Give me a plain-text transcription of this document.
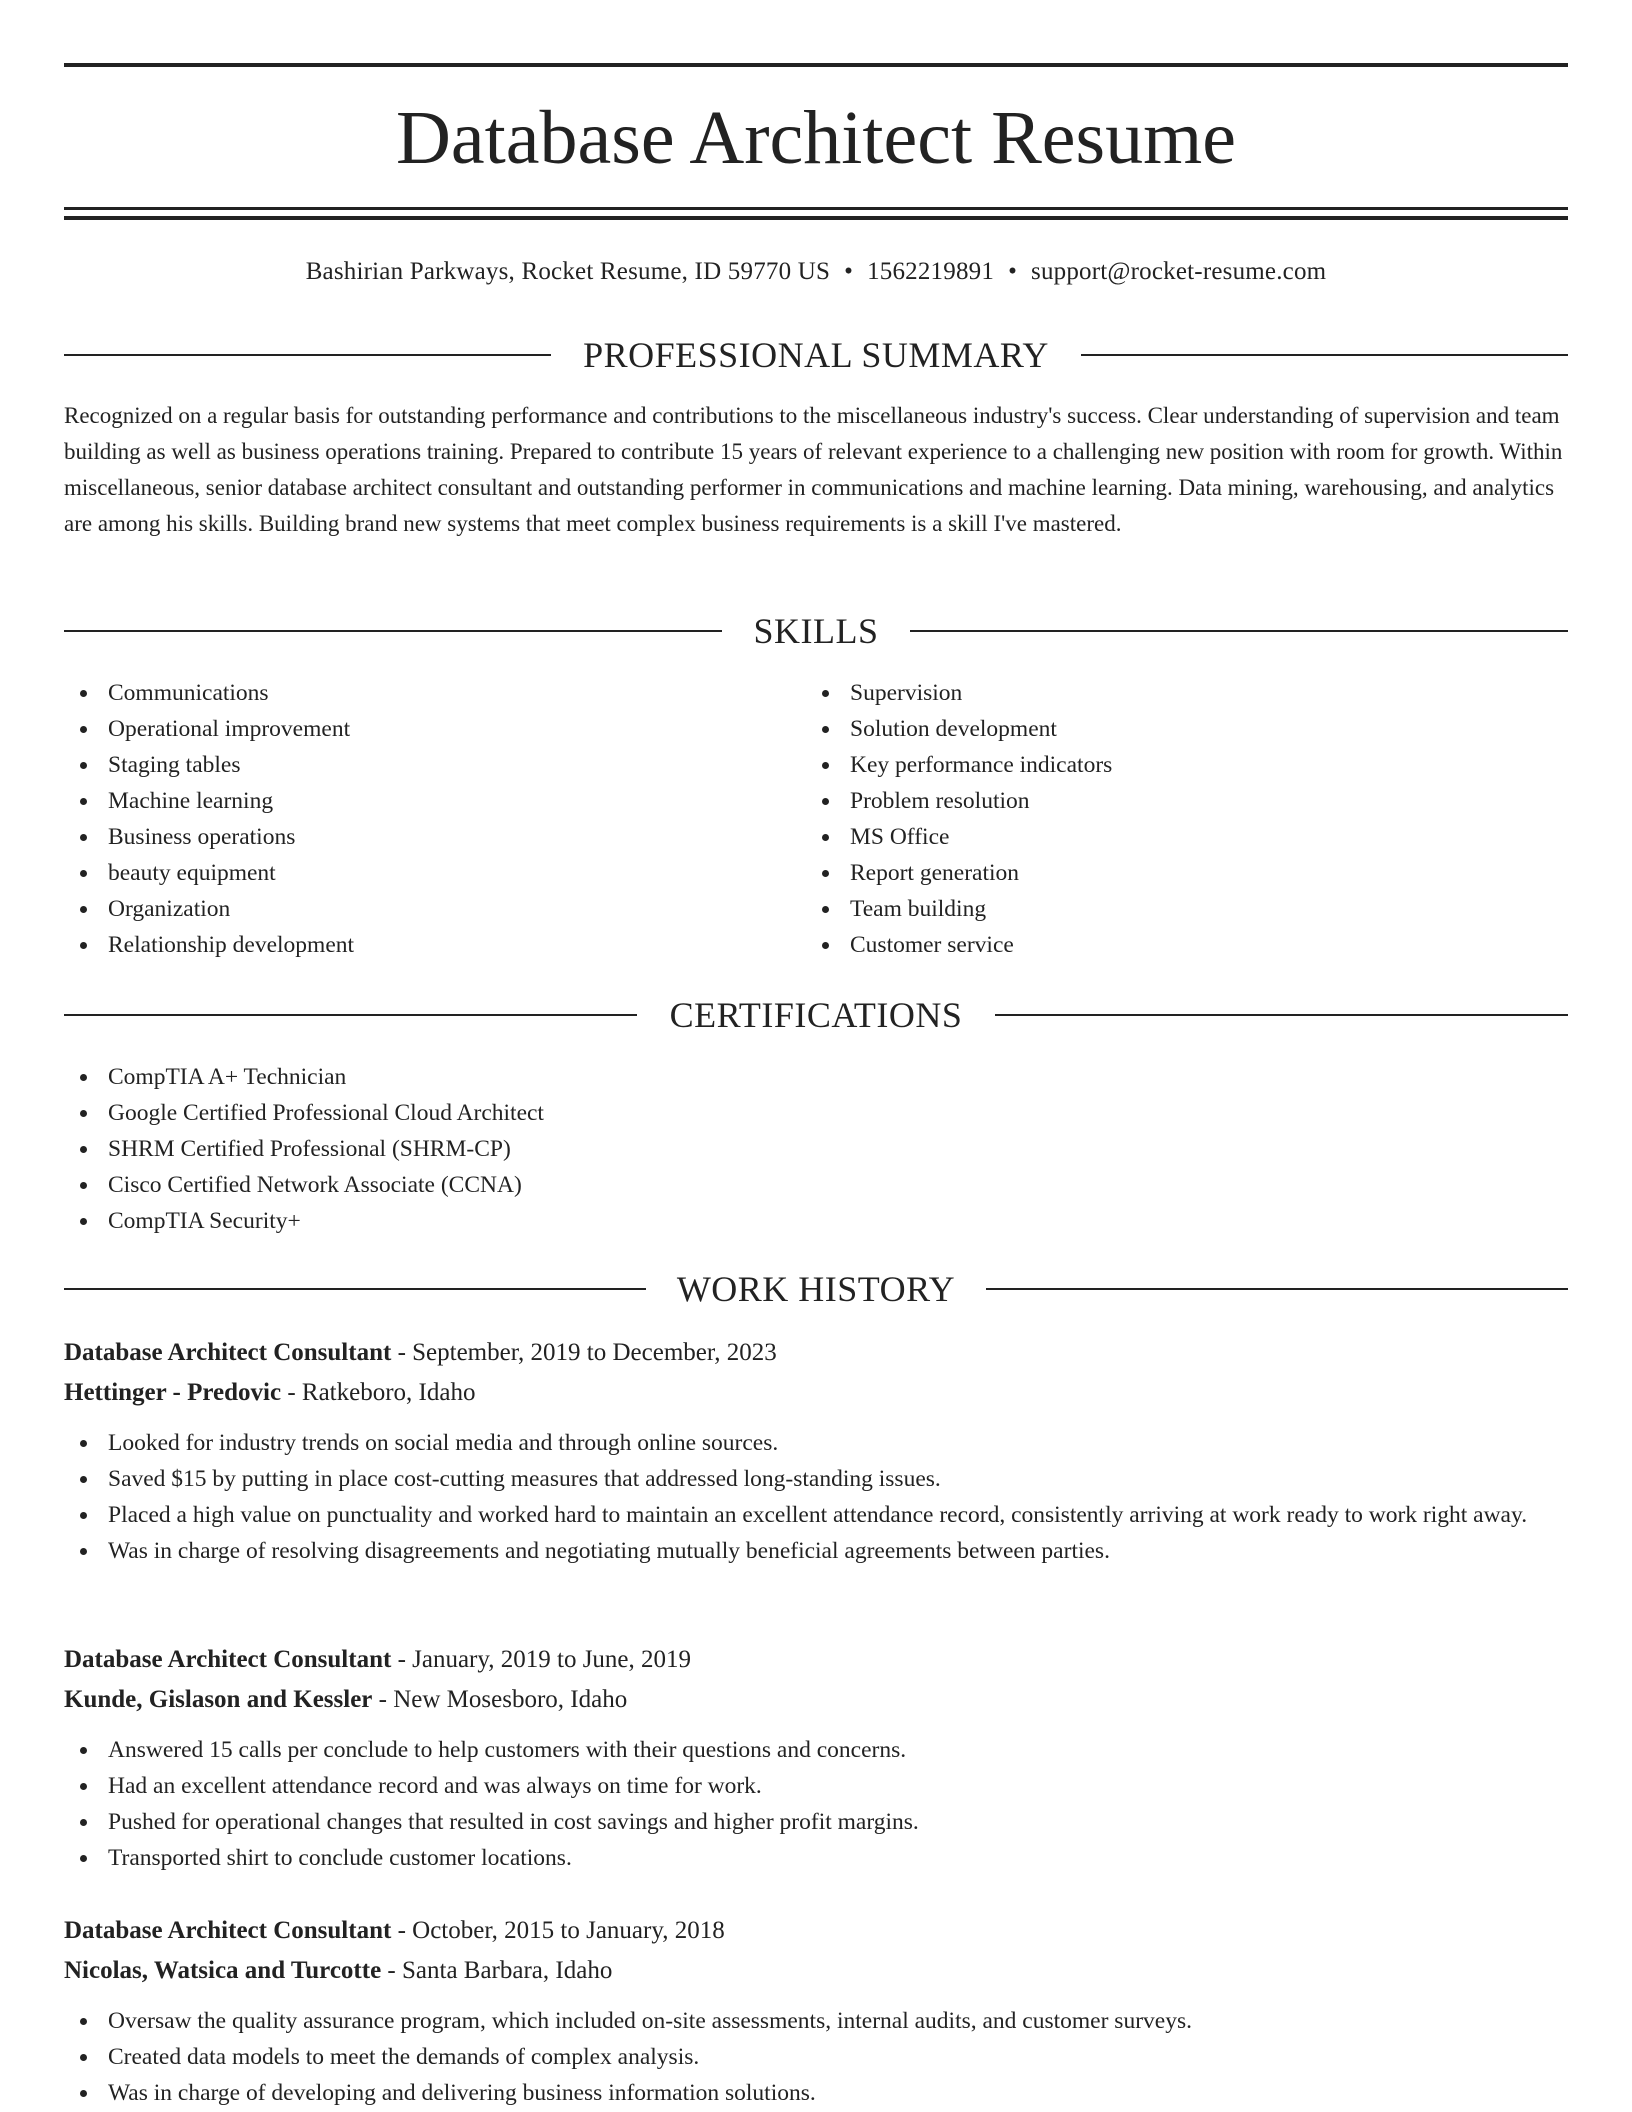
Database Architect Resume
Bashirian Parkways, Rocket Resume, ID 59770 US • 1562219891 • support@rocket-resume.com
PROFESSIONAL SUMMARY

Recognized on a regular basis for outstanding performance and contributions to the miscellaneous industry's success. Clear understanding of supervision and team building as well as business operations training. Prepared to contribute 15 years of relevant experience to a challenging new position with room for growth. Within miscellaneous, senior database architect consultant and outstanding performer in communications and machine learning. Data mining, warehousing, and analytics are among his skills. Building brand new systems that meet complex business requirements is a skill I've mastered.

SKILLS
Communications
Operational improvement
Staging tables
Machine learning
Business operations
beauty equipment
Organization
Relationship development
Supervision
Solution development
Key performance indicators
Problem resolution
MS Office
Report generation
Team building
Customer service
CERTIFICATIONS
CompTIA A+ Technician
Google Certified Professional Cloud Architect
SHRM Certified Professional (SHRM-CP)
Cisco Certified Network Associate (CCNA)
CompTIA Security+
WORK HISTORY
Database Architect Consultant - September, 2019 to December, 2023
Hettinger - Predovic - Ratkeboro, Idaho
Looked for industry trends on social media and through online sources.
Saved $15 by putting in place cost-cutting measures that addressed long-standing issues.
Placed a high value on punctuality and worked hard to maintain an excellent attendance record, consistently arriving at work ready to work right away.
Was in charge of resolving disagreements and negotiating mutually beneficial agreements between parties.
Database Architect Consultant - January, 2019 to June, 2019
Kunde, Gislason and Kessler - New Mosesboro, Idaho
Answered 15 calls per conclude to help customers with their questions and concerns.
Had an excellent attendance record and was always on time for work.
Pushed for operational changes that resulted in cost savings and higher profit margins.
Transported shirt to conclude customer locations.
Database Architect Consultant - October, 2015 to January, 2018
Nicolas, Watsica and Turcotte - Santa Barbara, Idaho
Oversaw the quality assurance program, which included on-site assessments, internal audits, and customer surveys.
Created data models to meet the demands of complex analysis.
Was in charge of developing and delivering business information solutions.
